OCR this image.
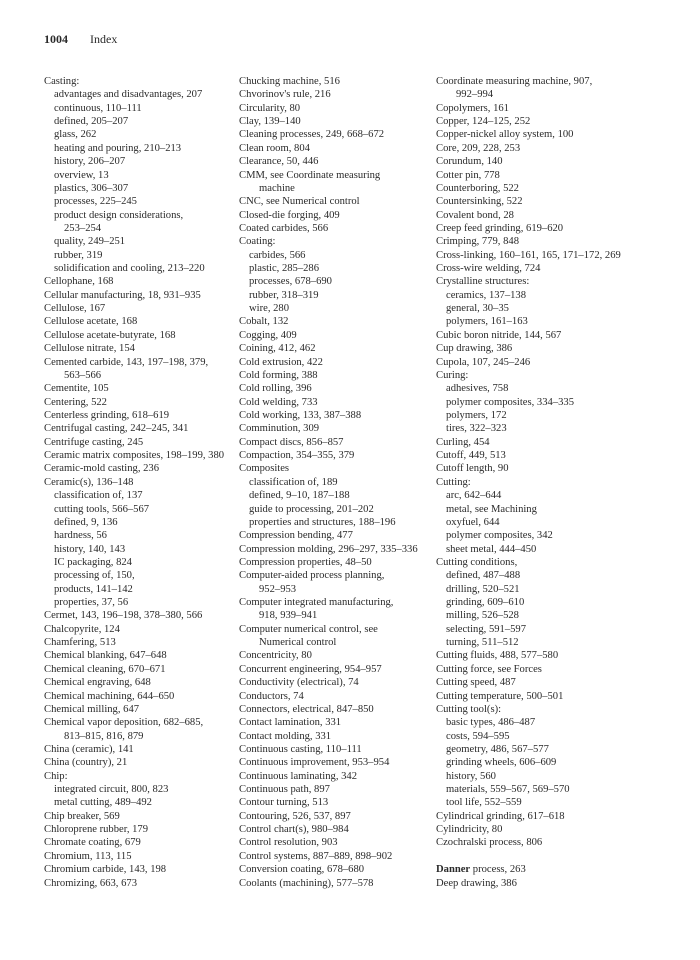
1004 Index
Casting:
advantages and disadvantages, 207
continuous, 110–111
defined, 205–207
glass, 262
heating and pouring, 210–213
history, 206–207
overview, 13
plastics, 306–307
processes, 225–245
product design considerations,
253–254
quality, 249–251
rubber, 319
solidification and cooling, 213–220
Cellophane, 168
Cellular manufacturing, 18, 931–935
Cellulose, 167
Cellulose acetate, 168
Cellulose acetate-butyrate, 168
Cellulose nitrate, 154
Cemented carbide, 143, 197–198, 379,
563–566
Cementite, 105
Centering, 522
Centerless grinding, 618–619
Centrifugal casting, 242–245, 341
Centrifuge casting, 245
Ceramic matrix composites, 198–199, 380
Ceramic-mold casting, 236
Ceramic(s), 136–148
classification of, 137
cutting tools, 566–567
defined, 9, 136
hardness, 56
history, 140, 143
IC packaging, 824
processing of, 150,
products, 141–142
properties, 37, 56
Cermet, 143, 196–198, 378–380, 566
Chalcopyrite, 124
Chamfering, 513
Chemical blanking, 647–648
Chemical cleaning, 670–671
Chemical engraving, 648
Chemical machining, 644–650
Chemical milling, 647
Chemical vapor deposition, 682–685,
813–815, 816, 879
China (ceramic), 141
China (country), 21
Chip:
integrated circuit, 800, 823
metal cutting, 489–492
Chip breaker, 569
Chloroprene rubber, 179
Chromate coating, 679
Chromium, 113, 115
Chromium carbide, 143, 198
Chromizing, 663, 673
Chucking machine, 516
Chvorinov's rule, 216
Circularity, 80
Clay, 139–140
Cleaning processes, 249, 668–672
Clean room, 804
Clearance, 50, 446
CMM, see Coordinate measuring
machine
CNC, see Numerical control
Closed-die forging, 409
Coated carbides, 566
Coating:
carbides, 566
plastic, 285–286
processes, 678–690
rubber, 318–319
wire, 280
Cobalt, 132
Cogging, 409
Coining, 412, 462
Cold extrusion, 422
Cold forming, 388
Cold rolling, 396
Cold welding, 733
Cold working, 133, 387–388
Comminution, 309
Compact discs, 856–857
Compaction, 354–355, 379
Composites
classification of, 189
defined, 9–10, 187–188
guide to processing, 201–202
properties and structures, 188–196
Compression bending, 477
Compression molding, 296–297, 335–336
Compression properties, 48–50
Computer-aided process planning,
952–953
Computer integrated manufacturing,
918, 939–941
Computer numerical control, see
Numerical control
Concentricity, 80
Concurrent engineering, 954–957
Conductivity (electrical), 74
Conductors, 74
Connectors, electrical, 847–850
Contact lamination, 331
Contact molding, 331
Continuous casting, 110–111
Continuous improvement, 953–954
Continuous laminating, 342
Continuous path, 897
Contour turning, 513
Contouring, 526, 537, 897
Control chart(s), 980–984
Control resolution, 903
Control systems, 887–889, 898–902
Conversion coating, 678–680
Coolants (machining), 577–578
Coordinate measuring machine, 907,
992–994
Copolymers, 161
Copper, 124–125, 252
Copper-nickel alloy system, 100
Core, 209, 228, 253
Corundum, 140
Cotter pin, 778
Counterboring, 522
Countersinking, 522
Covalent bond, 28
Creep feed grinding, 619–620
Crimping, 779, 848
Cross-linking, 160–161, 165, 171–172, 269
Cross-wire welding, 724
Crystalline structures:
ceramics, 137–138
general, 30–35
polymers, 161–163
Cubic boron nitride, 144, 567
Cup drawing, 386
Cupola, 107, 245–246
Curing:
adhesives, 758
polymer composites, 334–335
polymers, 172
tires, 322–323
Curling, 454
Cutoff, 449, 513
Cutoff length, 90
Cutting:
arc, 642–644
metal, see Machining
oxyfuel, 644
polymer composites, 342
sheet metal, 444–450
Cutting conditions,
defined, 487–488
drilling, 520–521
grinding, 609–610
milling, 526–528
selecting, 591–597
turning, 511–512
Cutting fluids, 488, 577–580
Cutting force, see Forces
Cutting speed, 487
Cutting temperature, 500–501
Cutting tool(s):
basic types, 486–487
costs, 594–595
geometry, 486, 567–577
grinding wheels, 606–609
history, 560
materials, 559–567, 569–570
tool life, 552–559
Cylindrical grinding, 617–618
Cylindricity, 80
Czochralski process, 806
Danner process, 263
Deep drawing, 386
